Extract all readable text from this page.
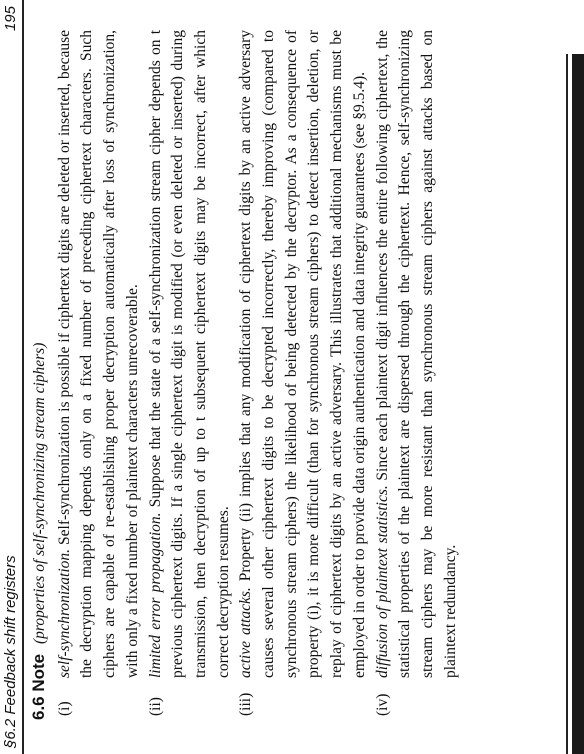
§6.2 Feedback shift registers
195
6.6 Note (properties of self-synchronizing stream ciphers)
(i)
self-synchronization. Self-synchronization is possible if ciphertext digits are deleted or inserted, because the decryption mapping depends only on a fixed number of preceding ciphertext characters. Such ciphers are capable of re-establishing proper decryption automatically after loss of synchronization, with only a fixed number of plaintext characters unrecoverable.
(ii)
limited error propagation. Suppose that the state of a self-synchronization stream cipher depends on t previous ciphertext digits. If a single ciphertext digit is modified (or even deleted or inserted) during transmission, then decryption of up to t subsequent ciphertext digits may be incorrect, after which correct decryption resumes.
(iii)
active attacks. Property (ii) implies that any modification of ciphertext digits by an active adversary causes several other ciphertext digits to be decrypted incorrectly, thereby improving (compared to synchronous stream ciphers) the likelihood of being detected by the decryptor. As a consequence of property (i), it is more difficult (than for synchronous stream ciphers) to detect insertion, deletion, or replay of ciphertext digits by an active adversary. This illustrates that additional mechanisms must be employed in order to provide data origin authentication and data integrity guarantees (see §9.5.4).
(iv)
diffusion of plaintext statistics. Since each plaintext digit influences the entire following ciphertext, the statistical properties of the plaintext are dispersed through the ciphertext. Hence, self-synchronizing stream ciphers may be more resistant than synchronous stream ciphers against attacks based on plaintext redundancy.
